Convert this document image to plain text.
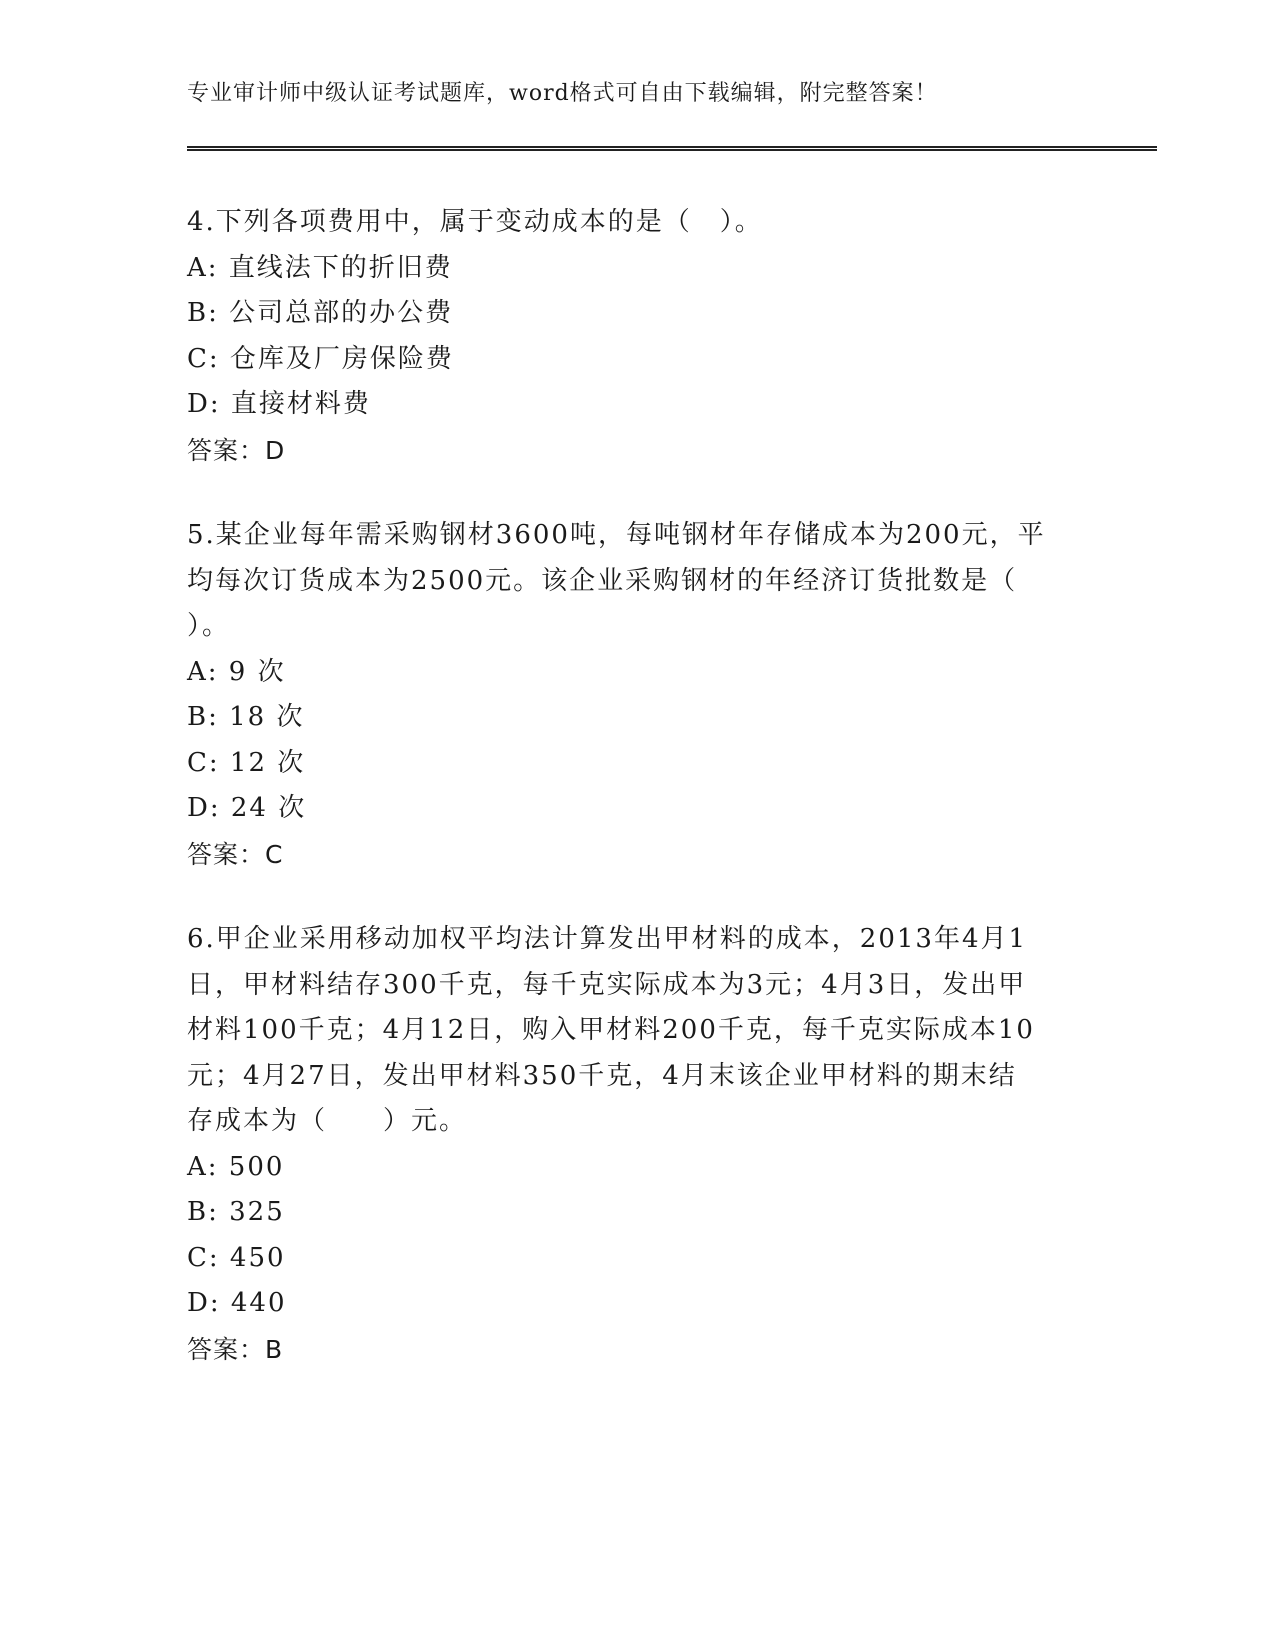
专业审计师中级认证考试题库，word格式可自由下载编辑，附完整答案！
4.下列各项费用中，属于变动成本的是（　）。
A: 直线法下的折旧费
B: 公司总部的办公费
C: 仓库及厂房保险费
D: 直接材料费
答案：D
5.某企业每年需采购钢材3600吨，每吨钢材年存储成本为200元，平
均每次订货成本为2500元。该企业采购钢材的年经济订货批数是（
）。
A: 9 次
B: 18 次
C: 12 次
D: 24 次
答案：C
6.甲企业采用移动加权平均法计算发出甲材料的成本，2013年4月1
日，甲材料结存300千克，每千克实际成本为3元；4月3日，发出甲
材料100千克；4月12日，购入甲材料200千克，每千克实际成本10
元；4月27日，发出甲材料350千克，4月末该企业甲材料的期末结
存成本为（　　）元。
A: 500
B: 325
C: 450
D: 440
答案：B
